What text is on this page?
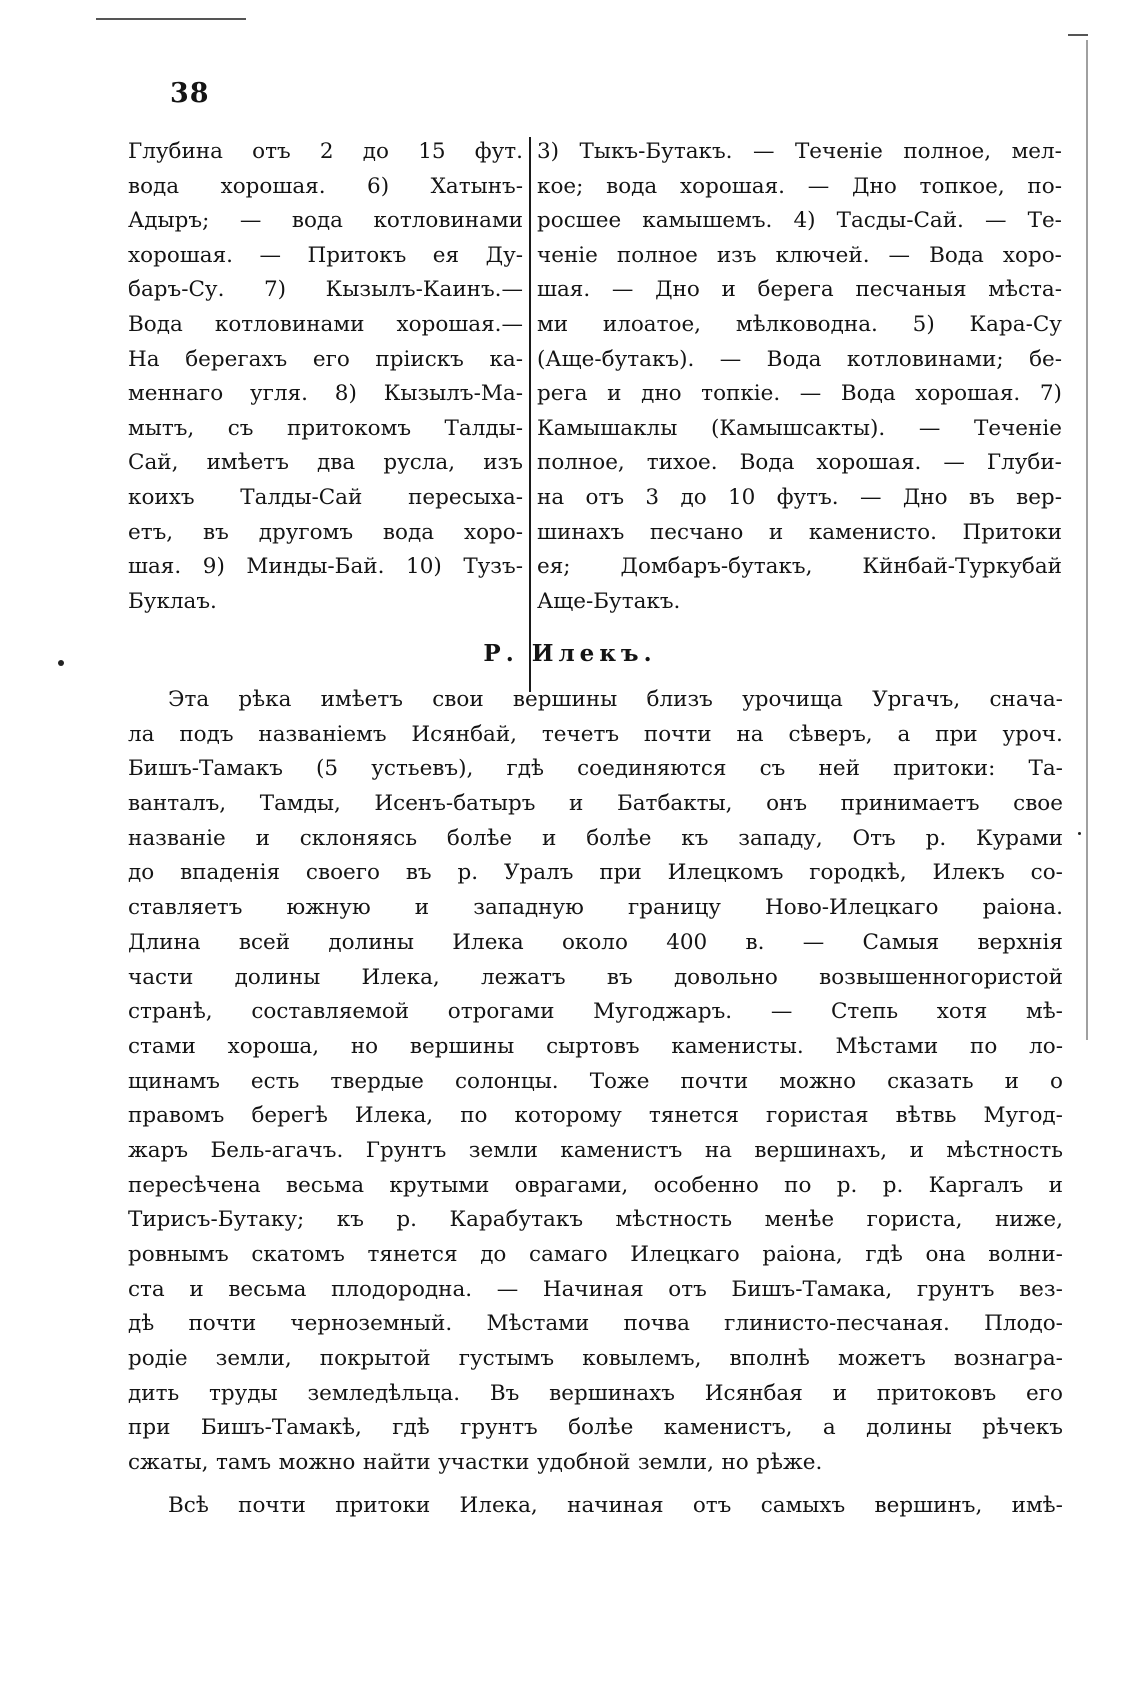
38
Глубина отъ 2 до 15 фут.
вода хорошая. 6) Хатынъ-
Адыръ; — вода котловинами
хорошая. — Притокъ ея Ду-
баръ-Су. 7) Кызылъ-Каинъ.—
Вода котловинами хорошая.—
На берегахъ его пріискъ ка-
меннаго угля. 8) Кызылъ-Ма-
мытъ, съ притокомъ Талды-
Сай, имѣетъ два русла, изъ
коихъ Талды-Сай пересыха-
етъ, въ другомъ вода хоро-
шая. 9) Минды-Бай. 10) Тузъ-
Буклаъ.
3) Тыкъ-Бутакъ. — Теченіе полное, мел-
кое; вода хорошая. — Дно топкое, по-
росшее камышемъ. 4) Тасды-Сай. — Те-
ченіе полное изъ ключей. — Вода хоро-
шая. — Дно и берега песчаныя мѣста-
ми илоатое, мѣлководна. 5) Кара-Су
(Аще-бутакъ). — Вода котловинами; бе-
рега и дно топкіе. — Вода хорошая. 7)
Камышаклы (Камышсакты). — Теченіе
полное, тихое. Вода хорошая. — Глуби-
на отъ 3 до 10 футъ. — Дно въ вер-
шинахъ песчано и каменисто. Притоки
ея; Домбаръ-бутакъ, Кйнбай-Туркубай
Аще-Бутакъ.
Р. Илекъ.
Эта рѣка имѣетъ свои вершины близъ урочища Ургачъ, снача-
ла подъ названіемъ Исянбай, течетъ почти на сѣверъ, а при уроч.
Бишъ-Тамакъ (5 устьевъ), гдѣ соединяются съ ней притоки: Та-
ванталъ, Тамды, Исенъ-батыръ и Батбакты, онъ принимаетъ свое
названіе и склоняясь болѣе и болѣе къ западу, Отъ р. Курами
до впаденія своего въ р. Уралъ при Илецкомъ городкѣ, Илекъ со-
ставляетъ южную и западную границу Ново-Илецкаго раіона.
Длина всей долины Илека около 400 в. — Самыя верхнія
части долины Илека, лежатъ въ довольно возвышенногористой
странѣ, составляемой отрогами Мугоджаръ. — Степь хотя мѣ-
стами хороша, но вершины сыртовъ каменисты. Мѣстами по ло-
щинамъ есть твердые солонцы. Тоже почти можно сказать и о
правомъ берегѣ Илека, по которому тянется гористая вѣтвь Мугод-
жаръ Бель-агачъ. Грунтъ земли каменистъ на вершинахъ, и мѣстность
пересѣчена весьма крутыми оврагами, особенно по р. р. Каргалъ и
Тирисъ-Бутаку; къ р. Карабутакъ мѣстность менѣе гориста, ниже,
ровнымъ скатомъ тянется до самаго Илецкаго раіона, гдѣ она волни-
ста и весьма плодородна. — Начиная отъ Бишъ-Тамака, грунтъ вез-
дѣ почти черноземный. Мѣстами почва глинисто-песчаная. Плодо-
родіе земли, покрытой густымъ ковылемъ, вполнѣ можетъ вознагра-
дить труды земледѣльца. Въ вершинахъ Исянбая и притоковъ его
при Бишъ-Тамакѣ, гдѣ грунтъ болѣе каменистъ, а долины рѣчекъ
сжаты, тамъ можно найти участки удобной земли, но рѣже.
Всѣ почти притоки Илека, начиная отъ самыхъ вершинъ, имѣ-
